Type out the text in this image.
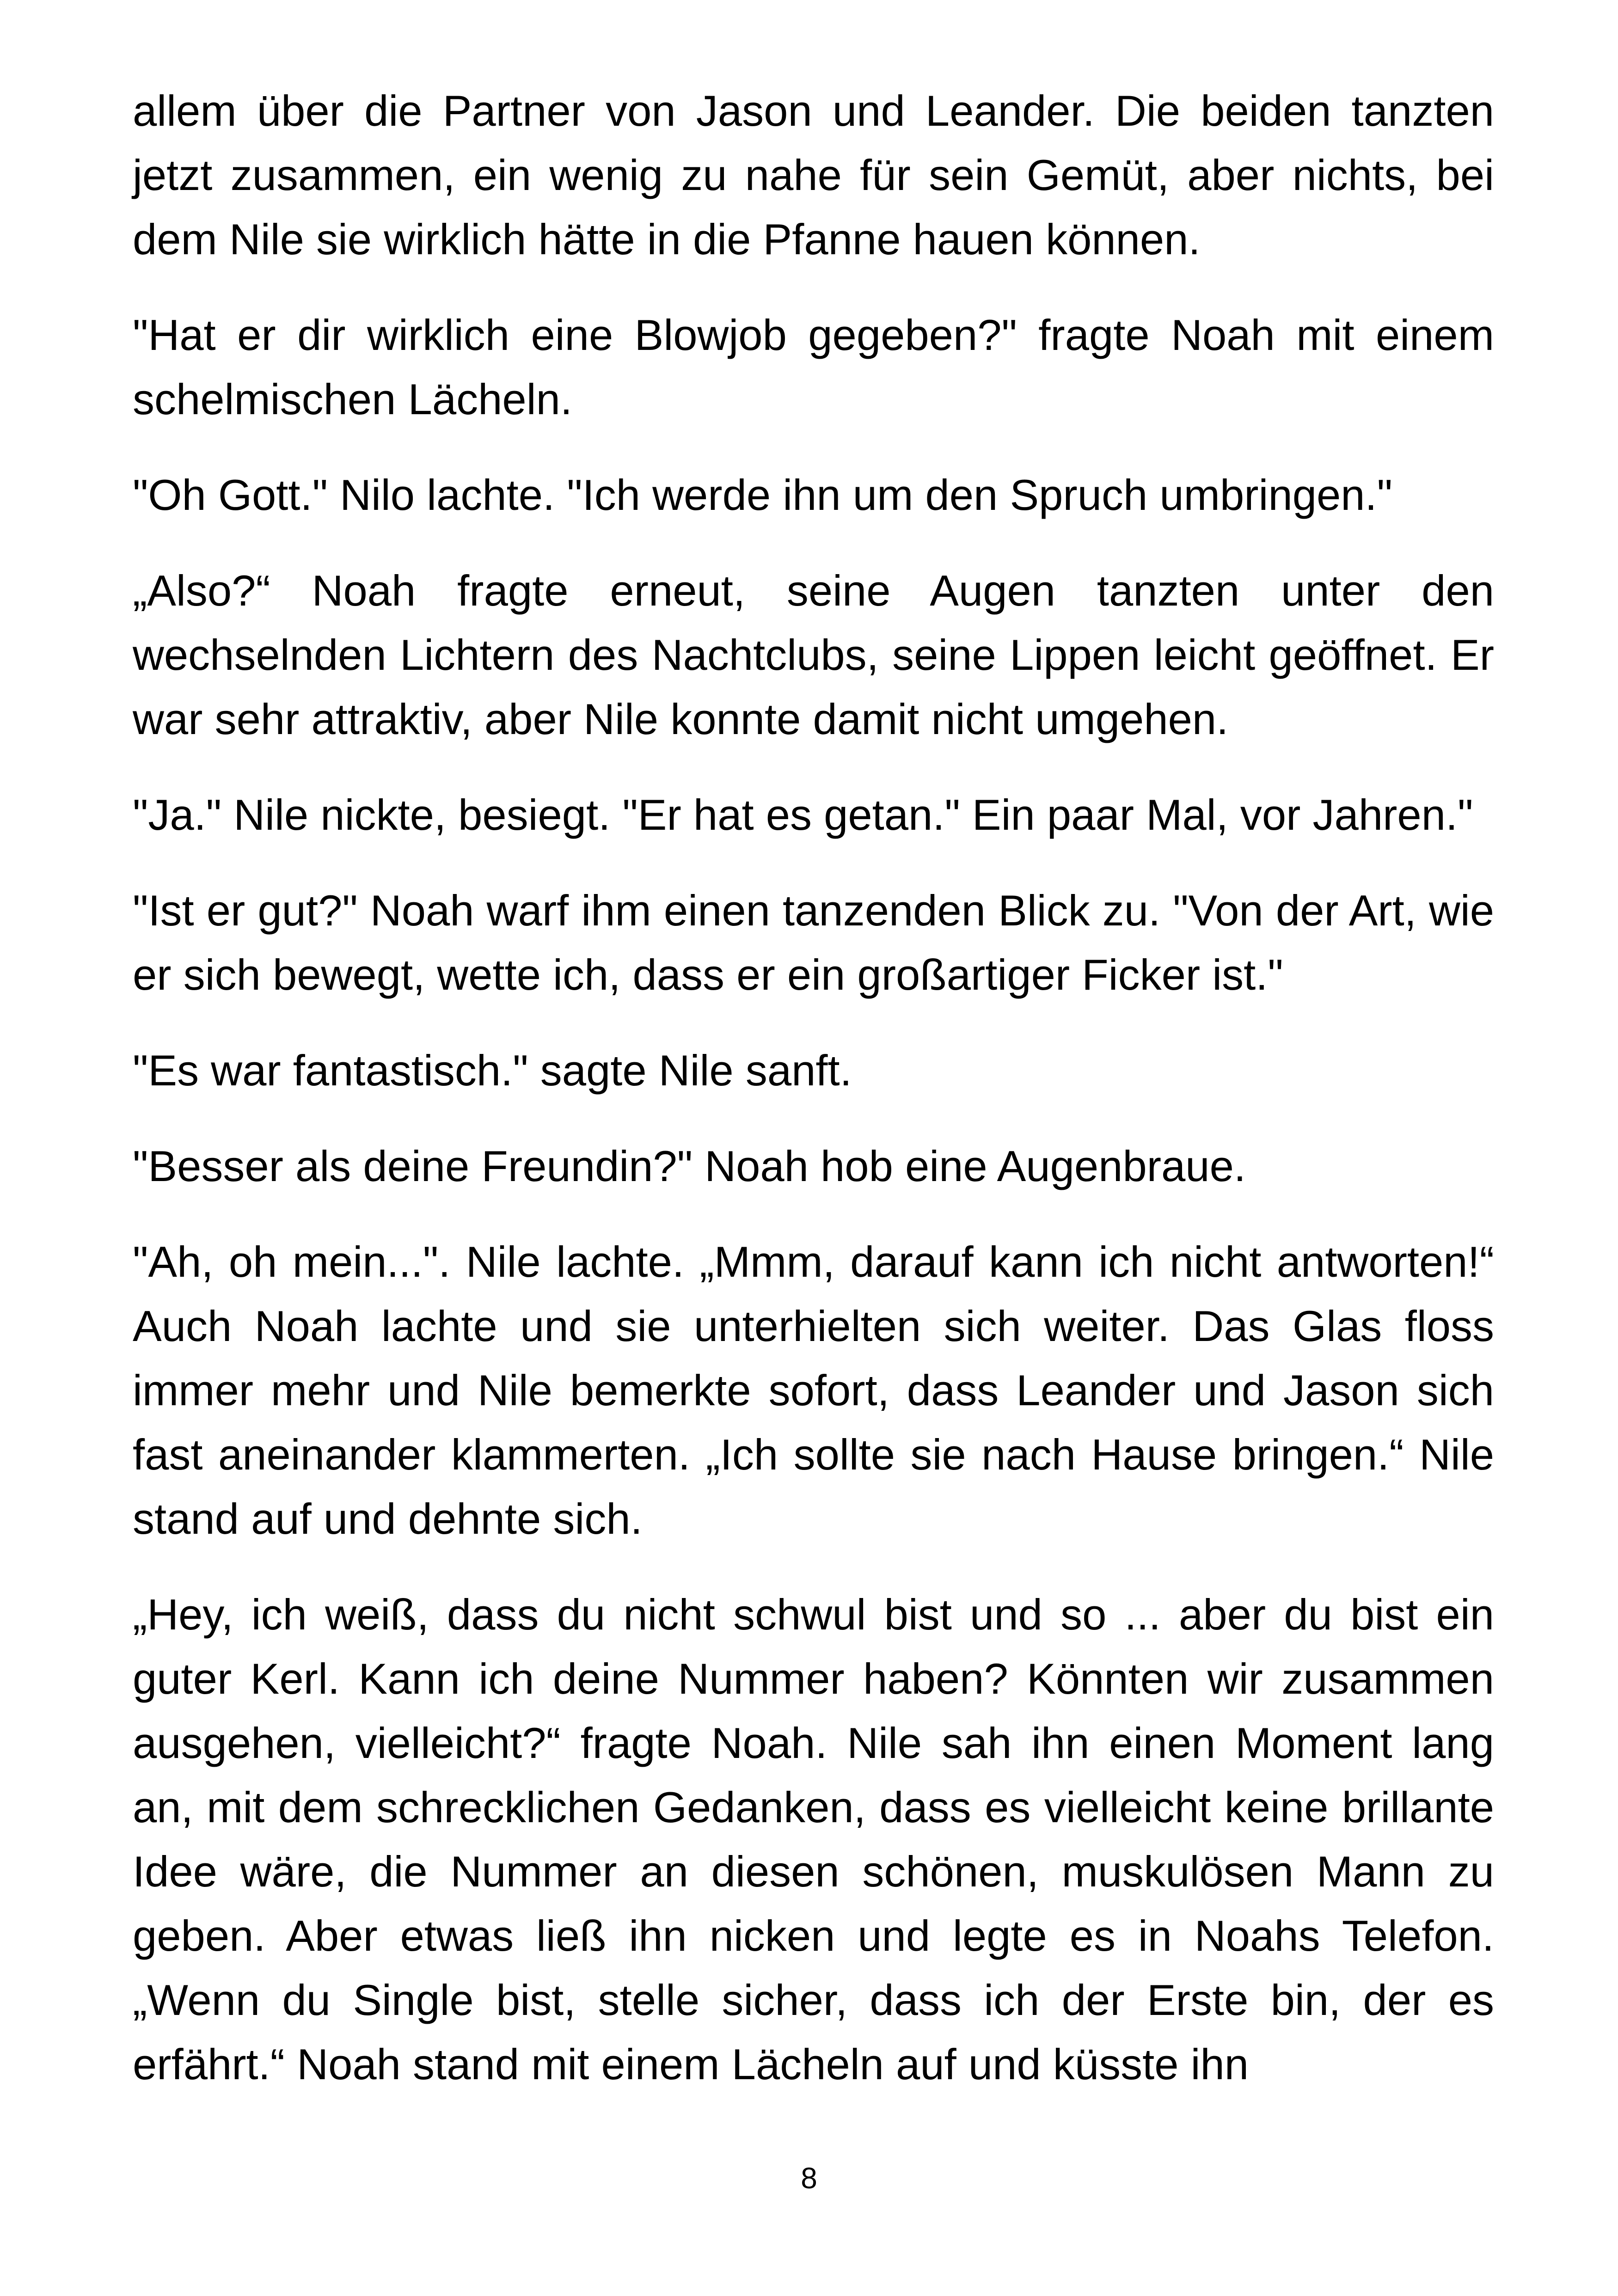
allem über die Partner von Jason und Leander. Die beiden tanzten jetzt zusammen, ein wenig zu nahe für sein Gemüt, aber nichts, bei dem Nile sie wirklich hätte in die Pfanne hauen können.

"Hat er dir wirklich eine Blowjob gegeben?" fragte Noah mit einem schelmischen Lächeln.

"Oh Gott." Nilo lachte. "Ich werde ihn um den Spruch umbringen."

„Also?“ Noah fragte erneut, seine Augen tanzten unter den wechselnden Lichtern des Nachtclubs, seine Lippen leicht geöffnet. Er war sehr attraktiv, aber Nile konnte damit nicht umgehen.

"Ja." Nile nickte, besiegt. "Er hat es getan." Ein paar Mal, vor Jahren."

"Ist er gut?" Noah warf ihm einen tanzenden Blick zu. "Von der Art, wie er sich bewegt, wette ich, dass er ein großartiger Ficker ist."

"Es war fantastisch." sagte Nile sanft.

"Besser als deine Freundin?" Noah hob eine Augenbraue.

"Ah, oh mein...". Nile lachte. „Mmm, darauf kann ich nicht antworten!“ Auch Noah lachte und sie unterhielten sich weiter. Das Glas floss immer mehr und Nile bemerkte sofort, dass Leander und Jason sich fast aneinander klammerten. „Ich sollte sie nach Hause bringen.“ Nile stand auf und dehnte sich.

„Hey, ich weiß, dass du nicht schwul bist und so ... aber du bist ein guter Kerl. Kann ich deine Nummer haben? Könnten wir zusammen ausgehen, vielleicht?“ fragte Noah. Nile sah ihn einen Moment lang an, mit dem schrecklichen Gedanken, dass es vielleicht keine brillante Idee wäre, die Nummer an diesen schönen, muskulösen Mann zu geben. Aber etwas ließ ihn nicken und legte es in Noahs Telefon. „Wenn du Single bist, stelle sicher, dass ich der Erste bin, der es erfährt.“ Noah stand mit einem Lächeln auf und küsste ihn

8
